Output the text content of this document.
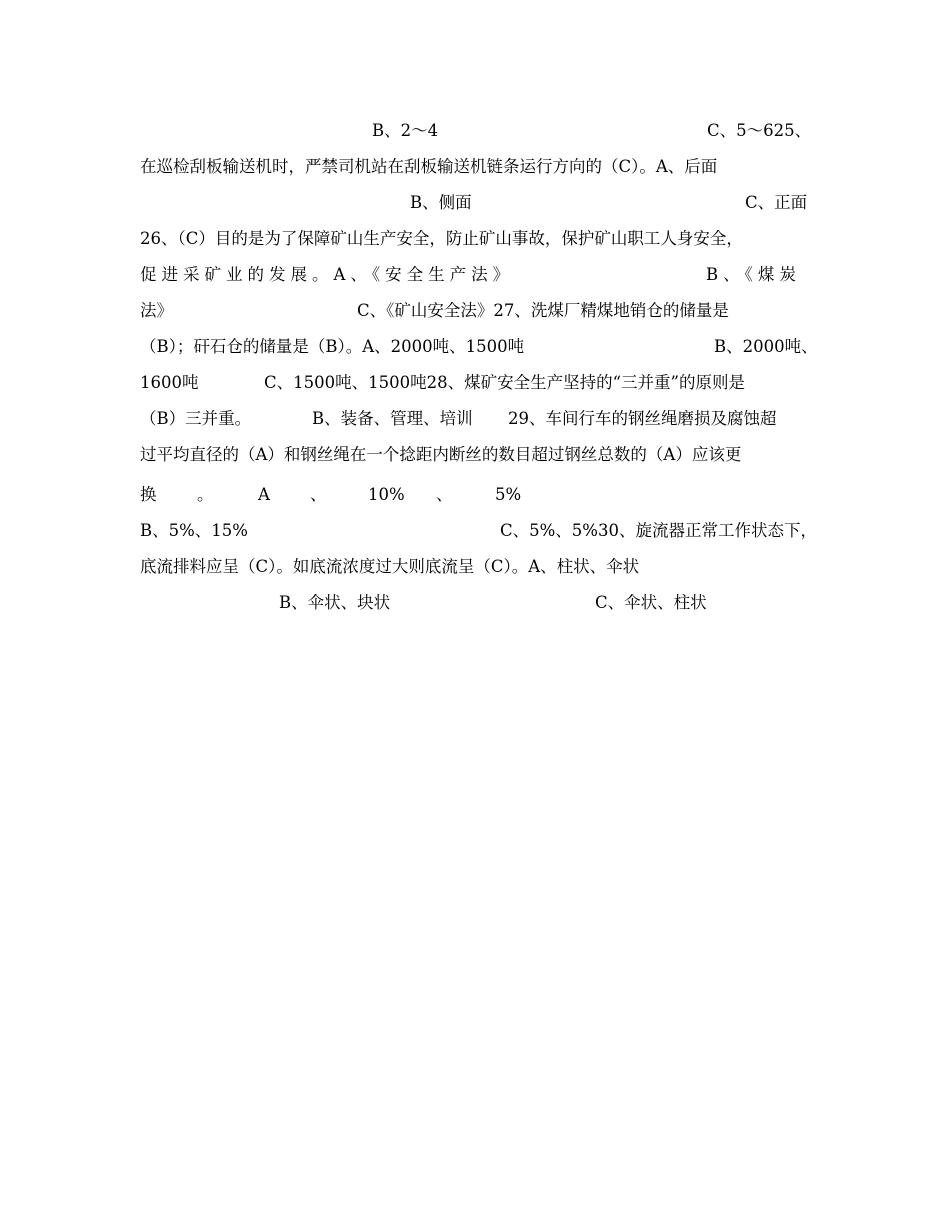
B、2～4

	C、5～625、

在巡检刮板输送机时，严禁司机站在刮板输送机链条运行方向的（C）。A、后面

B、侧面

	C、正面

26、（C）目的是为了保障矿山生产安全，防止矿山事故，保护矿山职工人身安全，

促进采矿业的发展。A、《安全生产法》

	B、《煤炭

法》

	C、《矿山安全法》27、洗煤厂精煤地销仓的储量是

（B）；矸石仓的储量是（B）。A、2000吨、1500吨

	B、2000吨、

1600吨

	C、1500吨、1500吨28、煤矿安全生产坚持的“三并重”的原则是

（B）三并重。

	B、装备、管理、培训

29、车间行车的钢丝绳磨损及腐蚀超

过平均直径的（A）和钢丝绳在一个捻距内断丝的数目超过钢丝总数的（A）应该更

换

。

	A

、

	10%

、

	5%

B、5%、15%

	C、5%、5%30、旋流器正常工作状态下，

底流排料应呈（C）。如底流浓度过大则底流呈（C）。A、柱状、伞状

B、伞状、块状

	C、伞状、柱状
